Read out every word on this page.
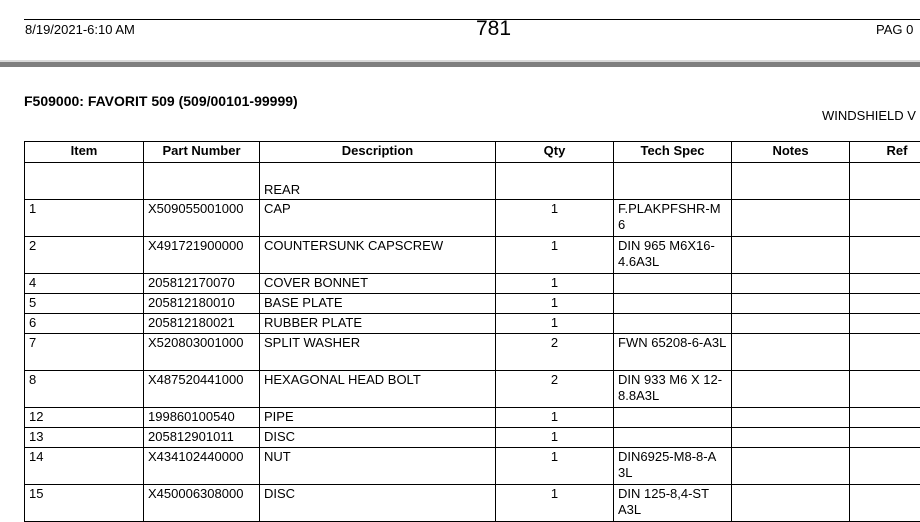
8/19/2021-6:10 AM	781	PAG 0
F509000: FAVORIT 509 (509/00101-99999)
WINDSHIELD V
Item	Part Number	Description	Qty	Tech Spec	Notes	Ref
		REAR				
1	X509055001000	CAP	1	F.PLAKPFSHR-M 6		
2	X491721900000	COUNTERSUNK CAPSCREW	1	DIN 965 M6X16-4.6A3L		
4	205812170070	COVER BONNET	1			
5	205812180010	BASE PLATE	1			
6	205812180021	RUBBER PLATE	1			
7	X520803001000	SPLIT WASHER	2	FWN 65208-6-A3L		
8	X487520441000	HEXAGONAL HEAD BOLT	2	DIN 933 M6 X 12-8.8A3L		
12	199860100540	PIPE	1			
13	205812901011	DISC	1			
14	X434102440000	NUT	1	DIN6925-M8-8-A 3L		
15	X450006308000	DISC	1	DIN 125-8,4-ST A3L		
